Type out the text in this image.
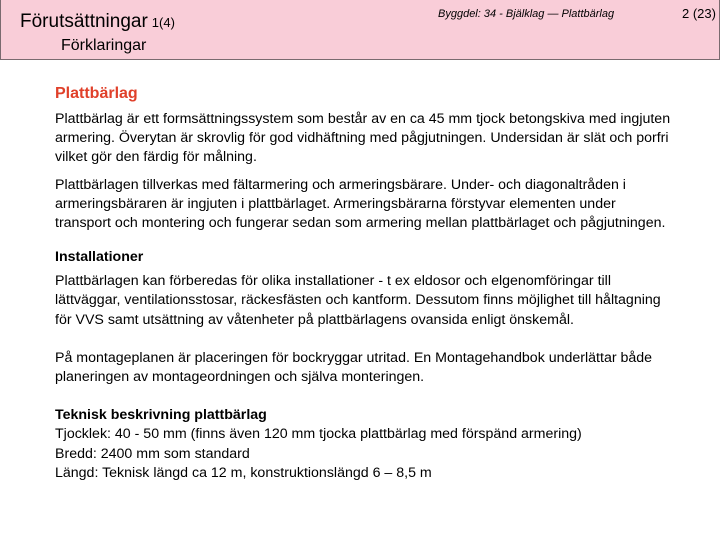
Förutsättningar 1(4)
Förklaringar
Byggdel: 34 - Bjälklag — Plattbärlag	2 (23)
Plattbärlag

Plattbärlag är ett formsättningssystem som består av en ca 45 mm tjock betongskiva med ingjuten armering. Överytan är skrovlig för god vidhäftning med pågjutningen. Undersidan är slät och porfri vilket gör den färdig för målning.

Plattbärlagen tillverkas med fältarmering och armeringsbärare. Under- och diagonaltråden i armeringsbäraren är ingjuten i plattbärlaget. Armeringsbärarna förstyvar elementen under transport och montering och fungerar sedan som armering mellan plattbärlaget och pågjutningen.

Installationer

Plattbärlagen kan förberedas för olika installationer - t ex eldosor och elgenomföringar till lättväggar, ventilationsstosar, räckesfästen och kantform. Dessutom finns möjlighet till håltagning för VVS samt utsättning av våtenheter på plattbärlagens ovansida enligt önskemål.

På montageplanen är placeringen för bockryggar utritad. En Montagehandbok underlättar både planeringen av montageordningen och själva monteringen.

Teknisk beskrivning plattbärlag
Tjocklek: 40 - 50 mm (finns även 120 mm tjocka plattbärlag med förspänd armering)
Bredd: 2400 mm som standard
Längd: Teknisk längd ca 12 m, konstruktionslängd 6 – 8,5 m
